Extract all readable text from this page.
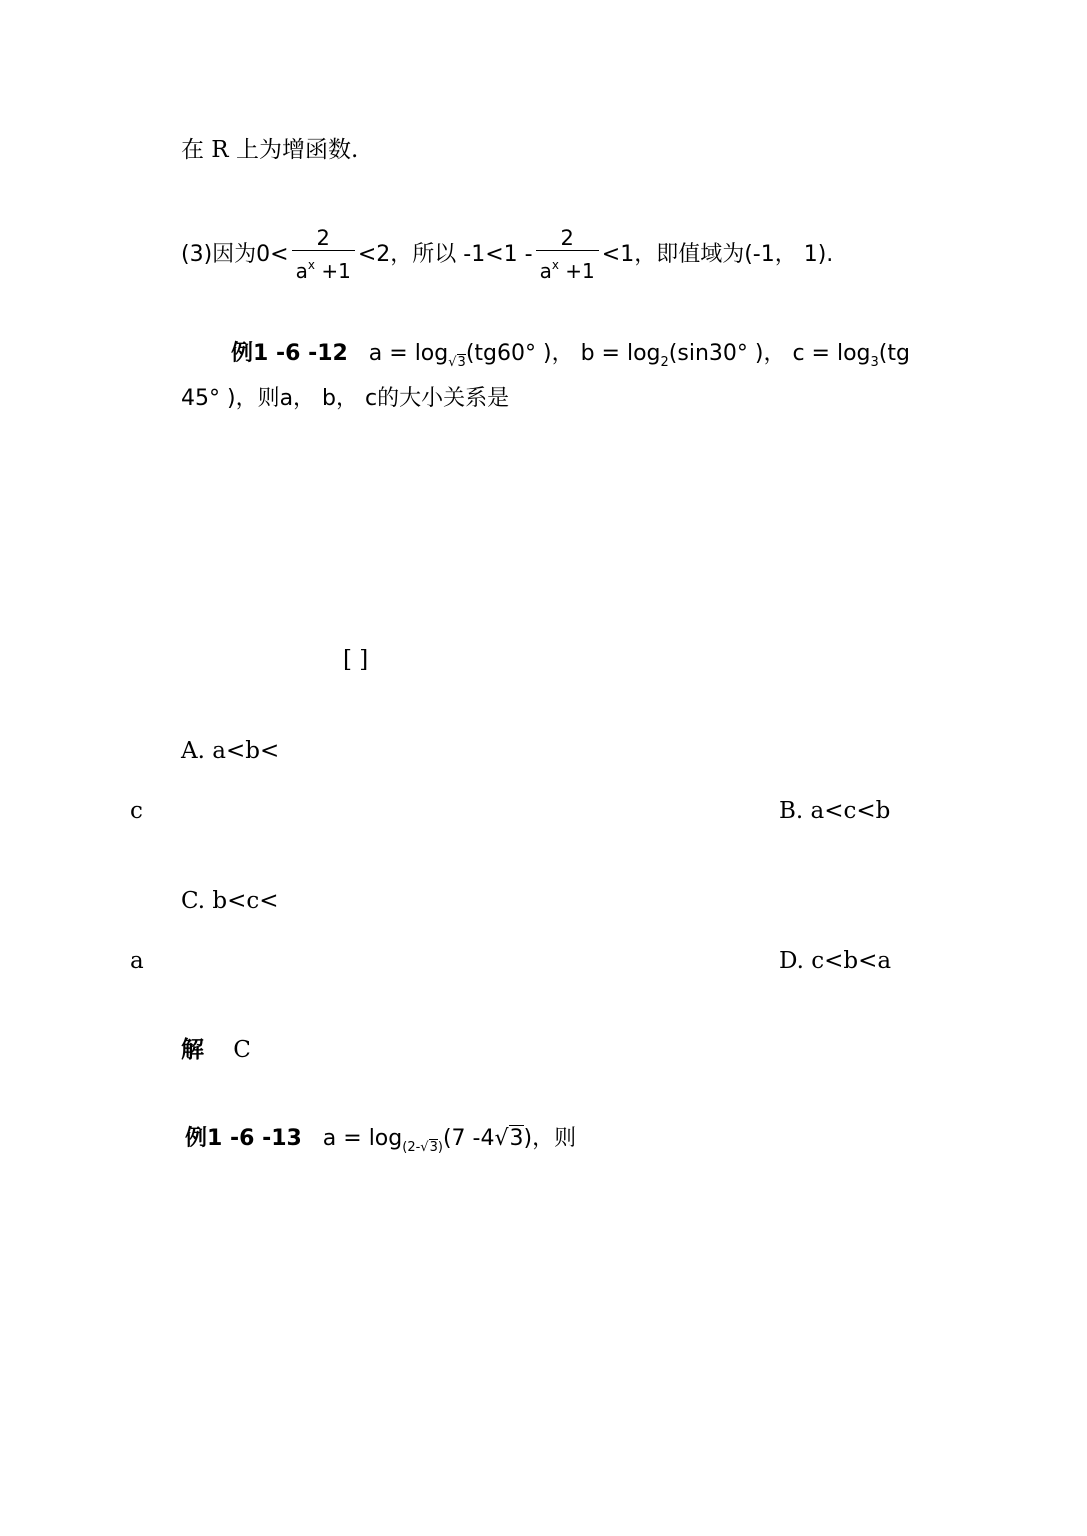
在 R 上为增函数.
(3)因为$0< \frac{2}{a^x +1} <2$，所以 $-1<1 - \frac{2}{a^x +1} <1$，即值域为(-1， 1).
例1 -6 -12 $a = \log_{√3}(tg60^\circ$ )， $b = \log_2(\sin 30^\circ$ )， $c = \log_3(tg$
45° )，则a， b， c的大小关系是
[ ]
A. a<b<
c	B. a<c<b
C. b<c<
a	D. c<b<a
解 C
例1 -6 -13 $a = \log_{(2-√3)}(7$ -4√3)，则
